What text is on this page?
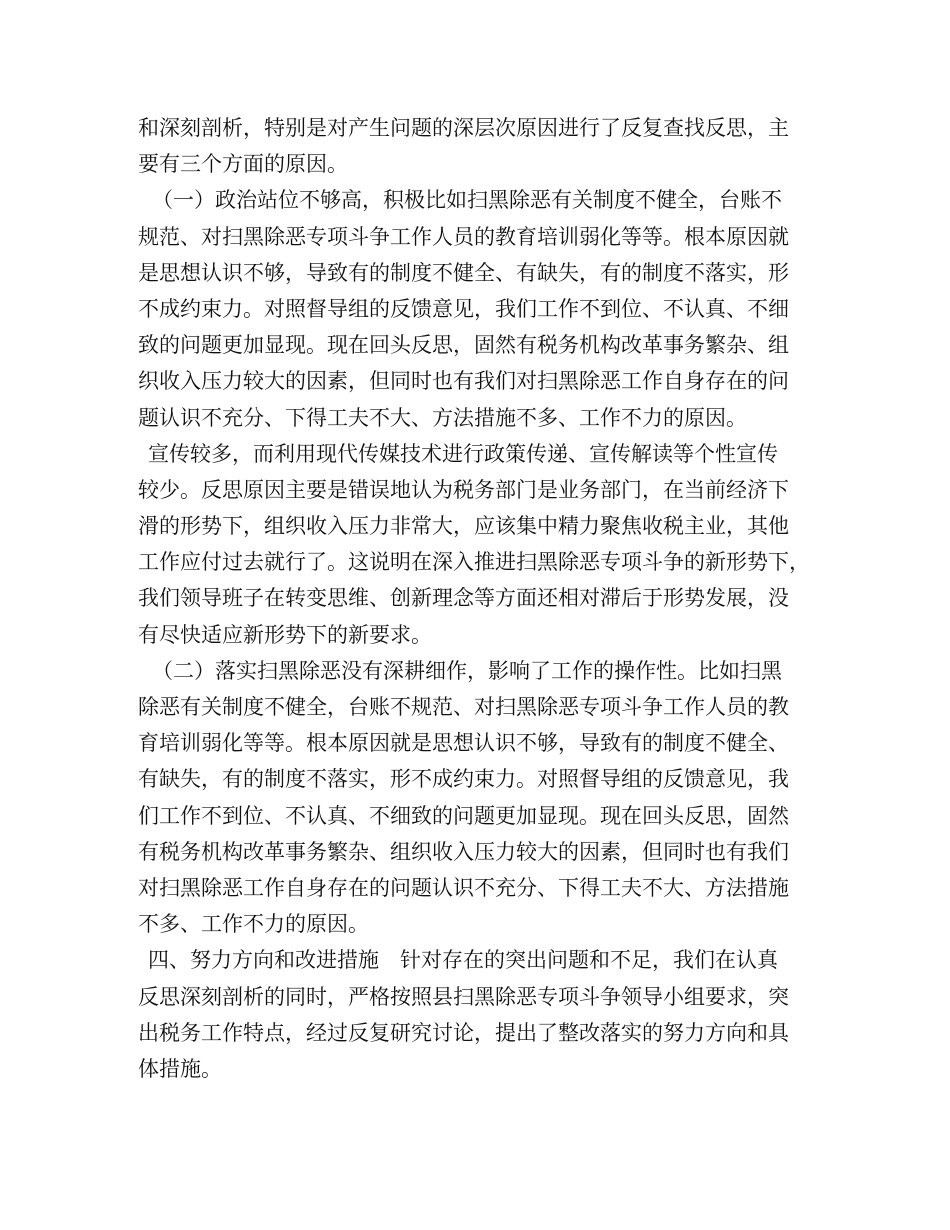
和深刻剖析，特别是对产生问题的深层次原因进行了反复查找反思，主
要有三个方面的原因。
（一）政治站位不够高，积极比如扫黑除恶有关制度不健全，台账不
规范、对扫黑除恶专项斗争工作人员的教育培训弱化等等。根本原因就
是思想认识不够，导致有的制度不健全、有缺失，有的制度不落实，形
不成约束力。对照督导组的反馈意见，我们工作不到位、不认真、不细
致的问题更加显现。现在回头反思，固然有税务机构改革事务繁杂、组
织收入压力较大的因素，但同时也有我们对扫黑除恶工作自身存在的问
题认识不充分、下得工夫不大、方法措施不多、工作不力的原因。
宣传较多，而利用现代传媒技术进行政策传递、宣传解读等个性宣传
较少。反思原因主要是错误地认为税务部门是业务部门，在当前经济下
滑的形势下，组织收入压力非常大，应该集中精力聚焦收税主业，其他
工作应付过去就行了。这说明在深入推进扫黑除恶专项斗争的新形势下，
我们领导班子在转变思维、创新理念等方面还相对滞后于形势发展，没
有尽快适应新形势下的新要求。
（二）落实扫黑除恶没有深耕细作，影响了工作的操作性。比如扫黑
除恶有关制度不健全，台账不规范、对扫黑除恶专项斗争工作人员的教
育培训弱化等等。根本原因就是思想认识不够，导致有的制度不健全、
有缺失，有的制度不落实，形不成约束力。对照督导组的反馈意见，我
们工作不到位、不认真、不细致的问题更加显现。现在回头反思，固然
有税务机构改革事务繁杂、组织收入压力较大的因素，但同时也有我们
对扫黑除恶工作自身存在的问题认识不充分、下得工夫不大、方法措施
不多、工作不力的原因。
四、努力方向和改进措施　针对存在的突出问题和不足，我们在认真
反思深刻剖析的同时，严格按照县扫黑除恶专项斗争领导小组要求，突
出税务工作特点，经过反复研究讨论，提出了整改落实的努力方向和具
体措施。
